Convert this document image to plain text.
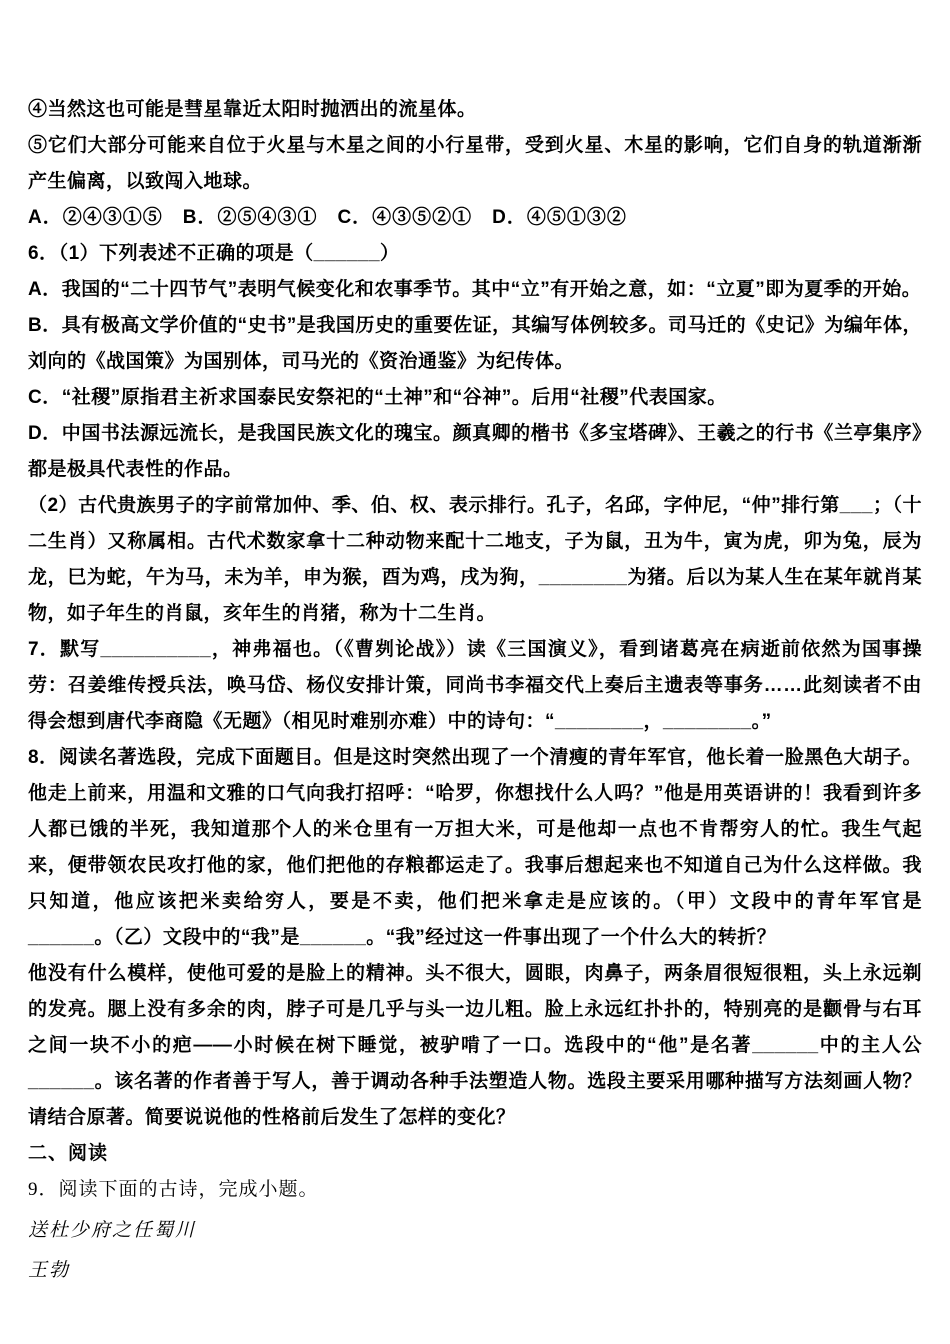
④当然这也可能是彗星靠近太阳时抛洒出的流星体。

⑤它们大部分可能来自位于火星与木星之间的小行星带，受到火星、木星的影响，它们自身的轨道渐渐产生偏离，以致闯入地球。

A．②④③①⑤　B．②⑤④③①　C．④③⑤②①　D．④⑤①③②

6．（1）下列表述不正确的项是（______）

A．我国的“二十四节气”表明气候变化和农事季节。其中“立”有开始之意，如：“立夏”即为夏季的开始。

B．具有极高文学价值的“史书”是我国历史的重要佐证，其编写体例较多。司马迁的《史记》为编年体，刘向的《战国策》为国别体，司马光的《资治通鉴》为纪传体。

C．“社稷”原指君主祈求国泰民安祭祀的“土神”和“谷神”。后用“社稷”代表国家。

D．中国书法源远流长，是我国民族文化的瑰宝。颜真卿的楷书《多宝塔碑》、王羲之的行书《兰亭集序》都是极具代表性的作品。

（2）古代贵族男子的字前常加仲、季、伯、权、表示排行。孔子，名邱，字仲尼，“仲”排行第___；（十二生肖）又称属相。古代术数家拿十二种动物来配十二地支，子为鼠，丑为牛，寅为虎，卯为兔，辰为龙，巳为蛇，午为马，未为羊，申为猴，酉为鸡，戌为狗，________为猪。后以为某人生在某年就肖某物，如子年生的肖鼠，亥年生的肖猪，称为十二生肖。

7．默写__________，神弗福也。（《曹刿论战》）读《三国演义》，看到诸葛亮在病逝前依然为国事操劳：召姜维传授兵法，唤马岱、杨仪安排计策，同尚书李福交代上奏后主遗表等事务……此刻读者不由得会想到唐代李商隐《无题》（相见时难别亦难）中的诗句：“________，________。”

8．阅读名著选段，完成下面题目。但是这时突然出现了一个清瘦的青年军官，他长着一脸黑色大胡子。他走上前来，用温和文雅的口气向我打招呼：“哈罗，你想找什么人吗？”他是用英语讲的！我看到许多人都已饿的半死，我知道那个人的米仓里有一万担大米，可是他却一点也不肯帮穷人的忙。我生气起来，便带领农民攻打他的家，他们把他的存粮都运走了。我事后想起来也不知道自己为什么这样做。我只知道，他应该把米卖给穷人，要是不卖，他们把米拿走是应该的。（甲）文段中的青年军官是______。（乙）文段中的“我”是______。“我”经过这一件事出现了一个什么大的转折？

他没有什么模样，使他可爱的是脸上的精神。头不很大，圆眼，肉鼻子，两条眉很短很粗，头上永远剃的发亮。腮上没有多余的肉，脖子可是几乎与头一边儿粗。脸上永远红扑扑的，特别亮的是颧骨与右耳之间一块不小的疤——小时候在树下睡觉，被驴啃了一口。选段中的“他”是名著______中的主人公______。该名著的作者善于写人，善于调动各种手法塑造人物。选段主要采用哪种描写方法刻画人物？请结合原著。简要说说他的性格前后发生了怎样的变化？

二、阅读

9．阅读下面的古诗，完成小题。

送杜少府之任蜀川

王勃
